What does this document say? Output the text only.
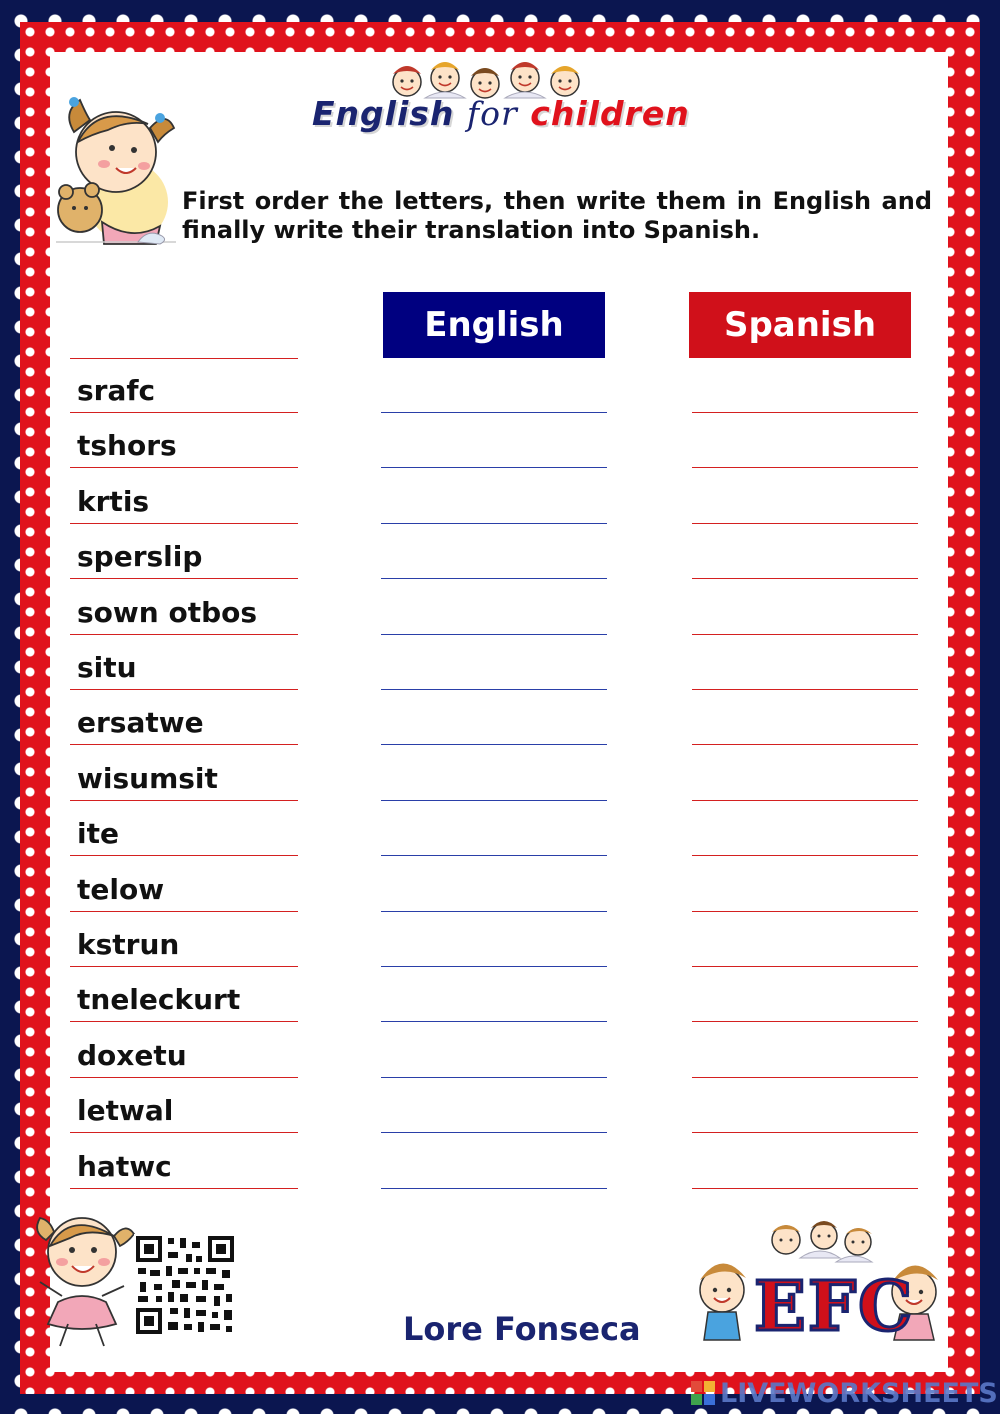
English for children
First order the letters, then write them in English and finally write their translation into Spanish.
English	Spanish
srafc
tshors
krtis
sperslip
sown otbos
situ
ersatwe
wisumsit
ite
telow
kstrun
tneleckurt
doxetu
letwal
hatwc
Lore Fonseca EFC
LIVEWORKSHEETS
